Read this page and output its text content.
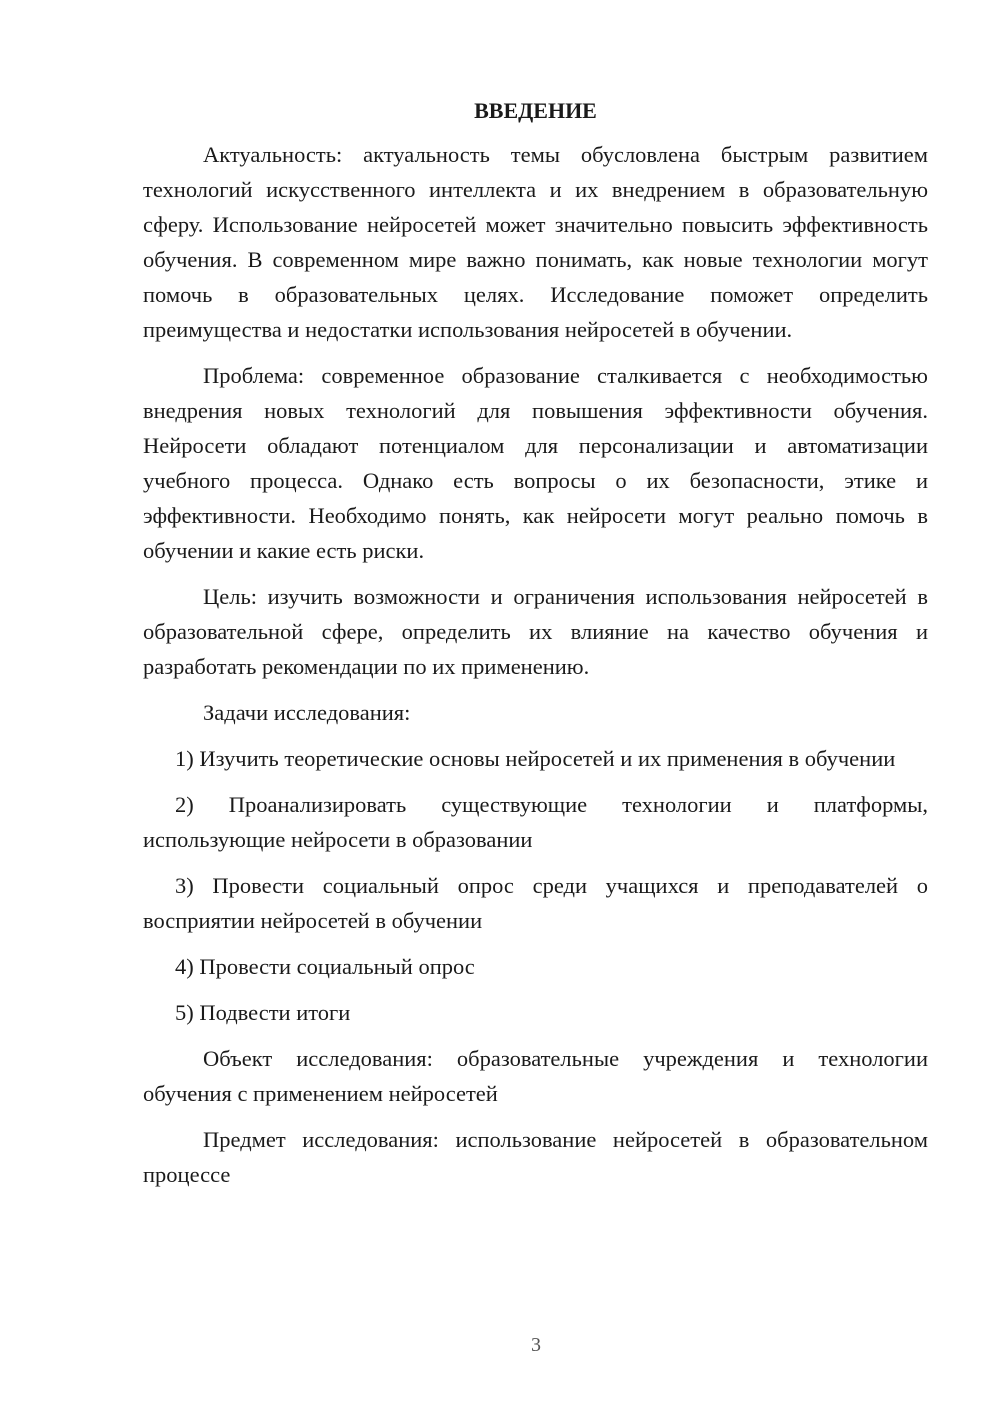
ВВЕДЕНИЕ

Актуальность: актуальность темы обусловлена быстрым развитием технологий искусственного интеллекта и их внедрением в образовательную сферу. Использование нейросетей может значительно повысить эффективность обучения. В современном мире важно понимать, как новые технологии могут помочь в образовательных целях. Исследование поможет определить преимущества и недостатки использования нейросетей в обучении.

Проблема: современное образование сталкивается с необходимостью внедрения новых технологий для повышения эффективности обучения. Нейросети обладают потенциалом для персонализации и автоматизации учебного процесса. Однако есть вопросы о их безопасности, этике и эффективности. Необходимо понять, как нейросети могут реально помочь в обучении и какие есть риски.

Цель: изучить возможности и ограничения использования нейросетей в образовательной сфере, определить их влияние на качество обучения и разработать рекомендации по их применению.

Задачи исследования:

1) Изучить теоретические основы нейросетей и их применения в обучении

2) Проанализировать существующие технологии и платформы, использующие нейросети в образовании

3) Провести социальный опрос среди учащихся и преподавателей о восприятии нейросетей в обучении

4) Провести социальный опрос

5) Подвести итоги

Объект исследования: образовательные учреждения и технологии обучения с применением нейросетей

Предмет исследования: использование нейросетей в образовательном процессе

3
